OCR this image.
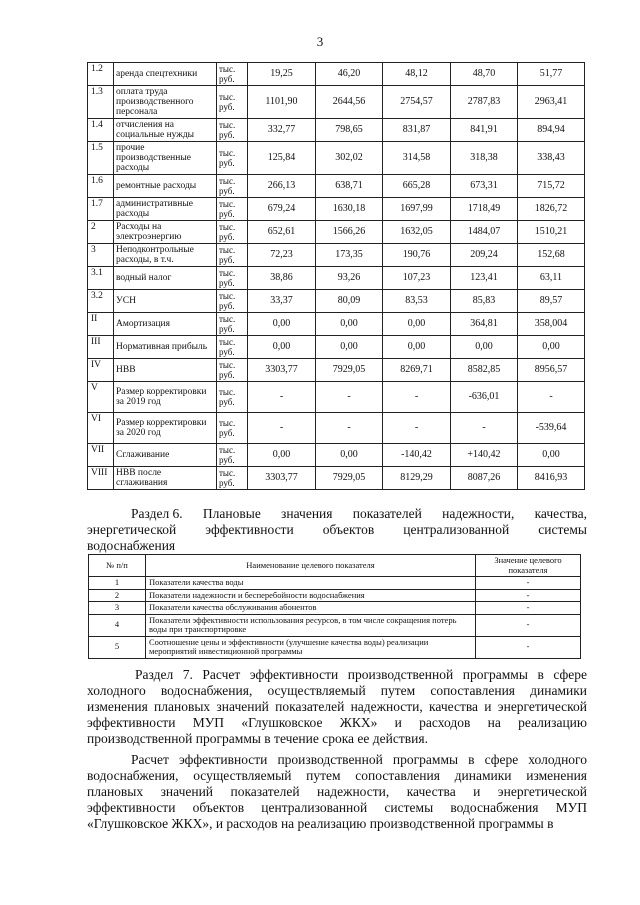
3
1.2	аренда спецтехники	тыс. руб.	19,25	46,20	48,12	48,70	51,77
1.3	оплата труда производственного персонала	тыс. руб.	1101,90	2644,56	2754,57	2787,83	2963,41
1.4	отчисления на социальные нужды	тыс. руб.	332,77	798,65	831,87	841,91	894,94
1.5	прочие производственные расходы	тыс. руб.	125,84	302,02	314,58	318,38	338,43
1.6	ремонтные расходы	тыс. руб.	266,13	638,71	665,28	673,31	715,72
1.7	административные расходы	тыс. руб.	679,24	1630,18	1697,99	1718,49	1826,72
2	Расходы на электроэнергию	тыс. руб.	652,61	1566,26	1632,05	1484,07	1510,21
3	Неподконтрольные расходы, в т.ч.	тыс. руб.	72,23	173,35	190,76	209,24	152,68
3.1	водный налог	тыс. руб.	38,86	93,26	107,23	123,41	63,11
3.2	УСН	тыс. руб.	33,37	80,09	83,53	85,83	89,57
II	Амортизация	тыс. руб.	0,00	0,00	0,00	364,81	358,004
III	Нормативная прибыль	тыс. руб.	0,00	0,00	0,00	0,00	0,00
IV	НВВ	тыс. руб.	3303,77	7929,05	8269,71	8582,85	8956,57
V	Размер корректировки за 2019 год	тыс. руб.	-	-	-	-636,01	-
VI	Размер корректировки за 2020 год	тыс. руб.	-	-	-	-	-539,64
VII	Сглаживание	тыс. руб.	0,00	0,00	-140,42	+140,42	0,00
VIII	НВВ после сглаживания	тыс. руб.	3303,77	7929,05	8129,29	8087,26	8416,93
Раздел 6. Плановые значения показателей надежности, качества,
энергетической эффективности объектов централизованной системы
водоснабжения
№ п/п	Наименование целевого показателя	Значение целевого показателя
1	Показатели качества воды	-
2	Показатели надежности и бесперебойности водоснабжения	-
3	Показатели качества обслуживания абонентов	-
4	Показатели эффективности использования ресурсов, в том числе сокращения потерь воды при транспортировке	-
5	Соотношение цены и эффективности (улучшение качества воды) реализации мероприятий инвестиционной программы	-
Раздел 7. Расчет эффективности производственной программы в сфере холодного водоснабжения, осуществляемый путем сопоставления динамики изменения плановых значений показателей надежности, качества и энергетической эффективности МУП «Глушковское ЖКХ» и расходов на реализацию производственной программы в течение срока ее действия.
Расчет эффективности производственной программы в сфере холодного водоснабжения, осуществляемый путем сопоставления динамики изменения плановых значений показателей надежности, качества и энергетической эффективности объектов централизованной системы водоснабжения МУП «Глушковское ЖКХ», и расходов на реализацию производственной программы в
